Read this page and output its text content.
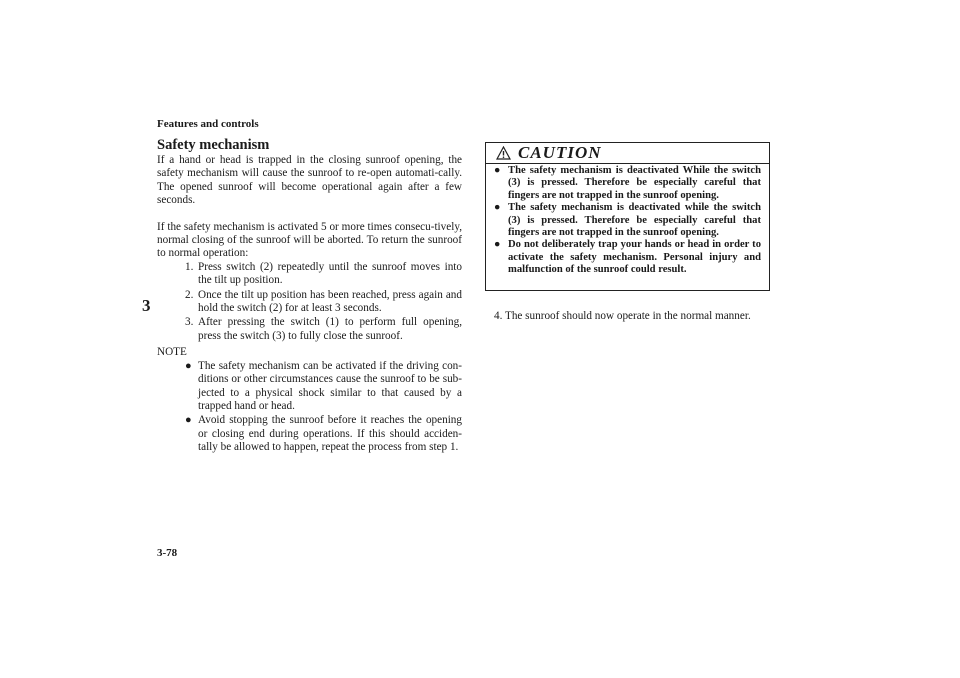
Features and controls
3
Safety mechanism

If a hand or head is trapped in the closing sunroof opening, the safety mechanism will cause the sunroof to re-open automati-cally. The opened sunroof will become operational again after a few seconds.

If the safety mechanism is activated 5 or more times consecu-tively, normal closing of the sunroof will be aborted. To return the sunroof to normal operation:

1. Press switch (2) repeatedly until the sunroof moves into the tilt up position.
2. Once the tilt up position has been reached, press again and hold the switch (2) for at least 3 seconds.
3. After pressing the switch (1) to perform full opening, press the switch (3) to fully close the sunroof.
NOTE
● The safety mechanism can be activated if the driving con-ditions or other circumstances cause the sunroof to be sub-jected to a physical shock similar to that caused by a trapped hand or head.
● Avoid stopping the sunroof before it reaches the opening or closing end during operations. If this should acciden-tally be allowed to happen, repeat the process from step 1.
CAUTION
● The safety mechanism is deactivated While the switch (3) is pressed. Therefore be especially careful that fingers are not trapped in the sunroof opening.
● The safety mechanism is deactivated while the switch (3) is pressed. Therefore be especially careful that fingers are not trapped in the sunroof opening.
● Do not deliberately trap your hands or head in order to activate the safety mechanism. Personal injury and malfunction of the sunroof could result.
4. The sunroof should now operate in the normal manner.
3-78
